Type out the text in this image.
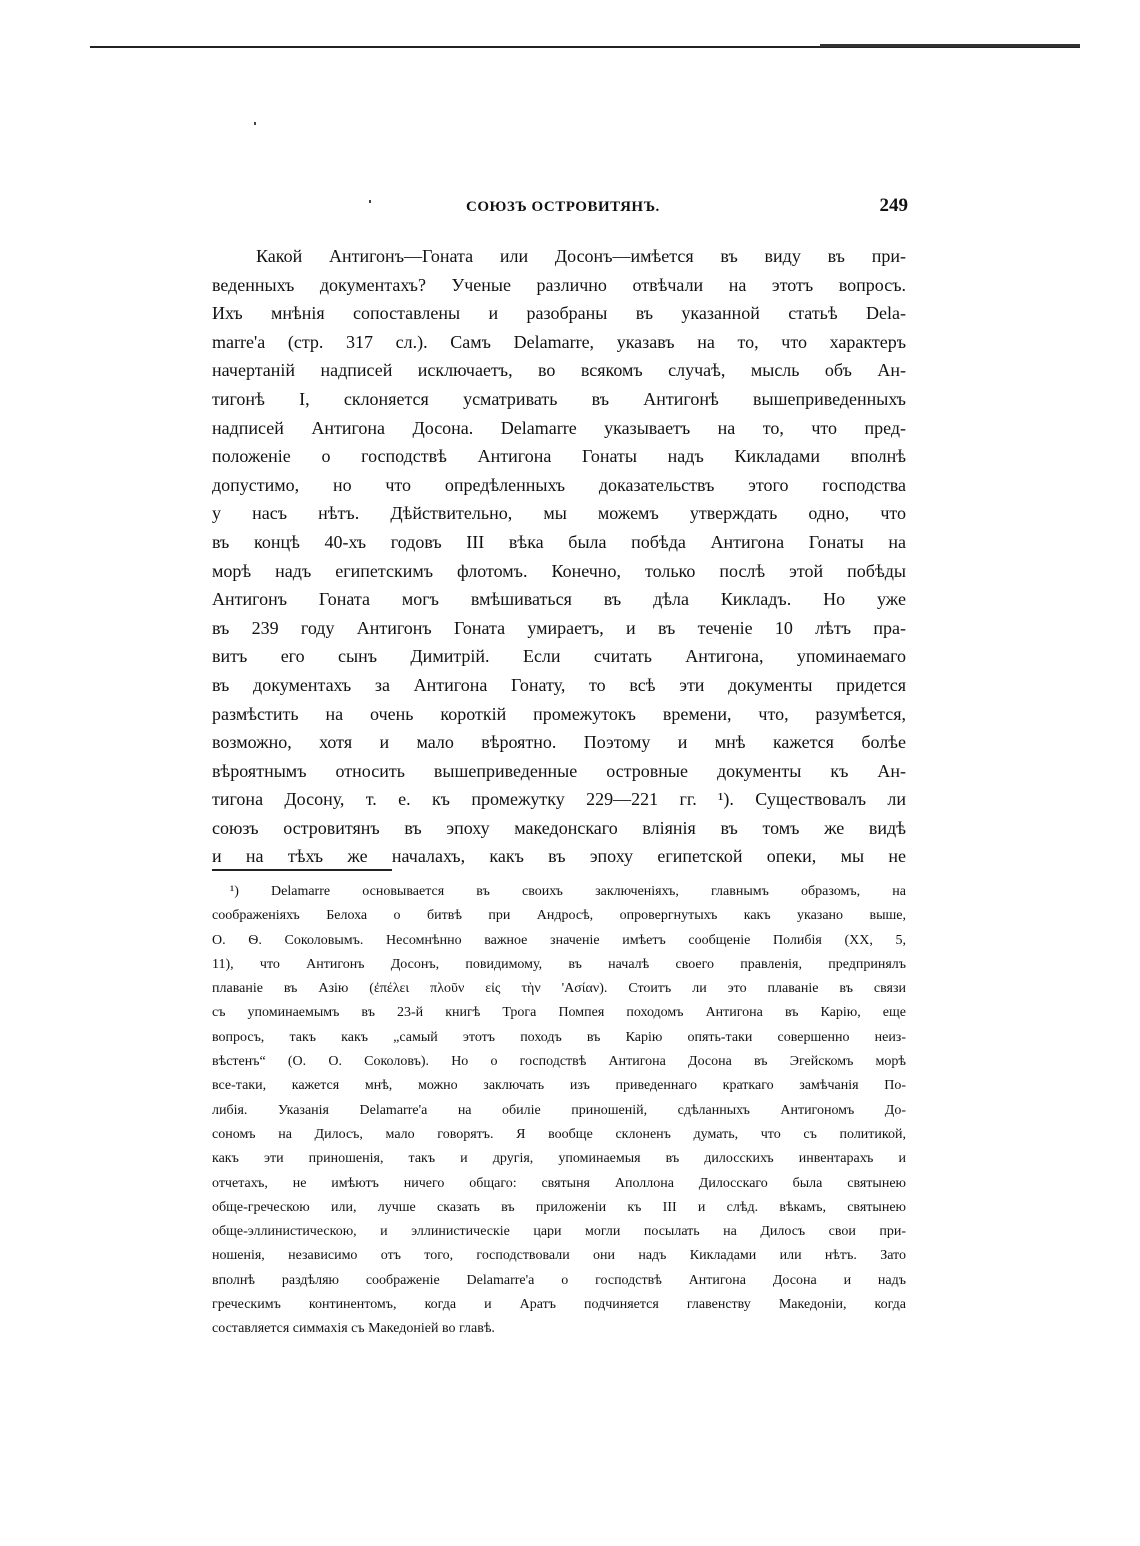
СОЮЗЪ ОСТРОВИТЯНЪ.	249
Какой Антигонъ—Гоната или Досонъ—имѣется въ виду въ при-
веденныхъ документахъ? Ученые различно отвѣчали на этотъ вопросъ.
Ихъ мнѣнія сопоставлены и разобраны въ указанной статьѣ Dela-
marre'а (стр. 317 сл.). Самъ Delamarre, указавъ на то, что характеръ
начертаній надписей исключаетъ, во всякомъ случаѣ, мысль объ Ан-
тигонѣ I, склоняется усматривать въ Антигонѣ вышеприведенныхъ
надписей Антигона Досона. Delamarre указываетъ на то, что пред-
положеніе о господствѣ Антигона Гонаты надъ Кикладами вполнѣ
допустимо, но что опредѣленныхъ доказательствъ этого господства
у насъ нѣтъ. Дѣйствительно, мы можемъ утверждать одно, что
въ концѣ 40-хъ годовъ III вѣка была побѣда Антигона Гонаты на
морѣ надъ египетскимъ флотомъ. Конечно, только послѣ этой побѣды
Антигонъ Гоната могъ вмѣшиваться въ дѣла Кикладъ. Но уже
въ 239 году Антигонъ Гоната умираетъ, и въ теченіе 10 лѣтъ пра-
витъ его сынъ Димитрій. Если считать Антигона, упоминаемаго
въ документахъ за Антигона Гонату, то всѣ эти документы придется
размѣстить на очень короткій промежутокъ времени, что, разумѣется,
возможно, хотя и мало вѣроятно. Поэтому и мнѣ кажется болѣе
вѣроятнымъ относить вышеприведенные островные документы къ Ан-
тигона Досону, т. е. къ промежутку 229—221 гг. ¹). Существовалъ ли
союзъ островитянъ въ эпоху македонскаго вліянія въ томъ же видѣ
и на тѣхъ же началахъ, какъ въ эпоху египетской опеки, мы не
¹) Delamarre основывается въ своихъ заключеніяхъ, главнымъ образомъ, на
соображеніяхъ Белоха о битвѣ при Андросѣ, опровергнутыхъ какъ указано выше,
О. Ѳ. Соколовымъ. Несомнѣнно важное значеніе имѣетъ сообщеніе Полибія (XX, 5,
11), что Антигонъ Досонъ, повидимому, въ началѣ своего правленія, предпринялъ
плаваніе въ Азію (ἐπέλει πλοῦν εἰς τὴν 'Ασίαν). Стоитъ ли это плаваніе въ связи
съ упоминаемымъ въ 23-й книгѣ Трога Помпея походомъ Антигона въ Карію, еще
вопросъ, такъ какъ „самый этотъ походъ въ Карію опять-таки совершенно неиз-
вѣстенъ“ (О. О. Соколовъ). Но о господствѣ Антигона Досона въ Эгейскомъ морѣ
все-таки, кажется мнѣ, можно заключать изъ приведеннаго краткаго замѣчанія По-
либія. Указанія Delamarre'а на обиліе приношеній, сдѣланныхъ Антигономъ До-
сономъ на Дилосъ, мало говорятъ. Я вообще склоненъ думать, что съ политикой,
какъ эти приношенія, такъ и другія, упоминаемыя въ дилосскихъ инвентарахъ и
отчетахъ, не имѣютъ ничего общаго: святыня Аполлона Дилосскаго была святынею
обще-греческою или, лучше сказать въ приложеніи къ III и слѣд. вѣкамъ, святынею
обще-эллинистическою, и эллинистическіе цари могли посылать на Дилосъ свои при-
ношенія, независимо отъ того, господствовали они надъ Кикладами или нѣтъ. Зато
вполнѣ раздѣляю соображеніе Delamarre'а о господствѣ Антигона Досона и надъ
греческимъ континентомъ, когда и Аратъ подчиняется главенству Македоніи, когда
составляется симмахія съ Македоніей во главѣ.
